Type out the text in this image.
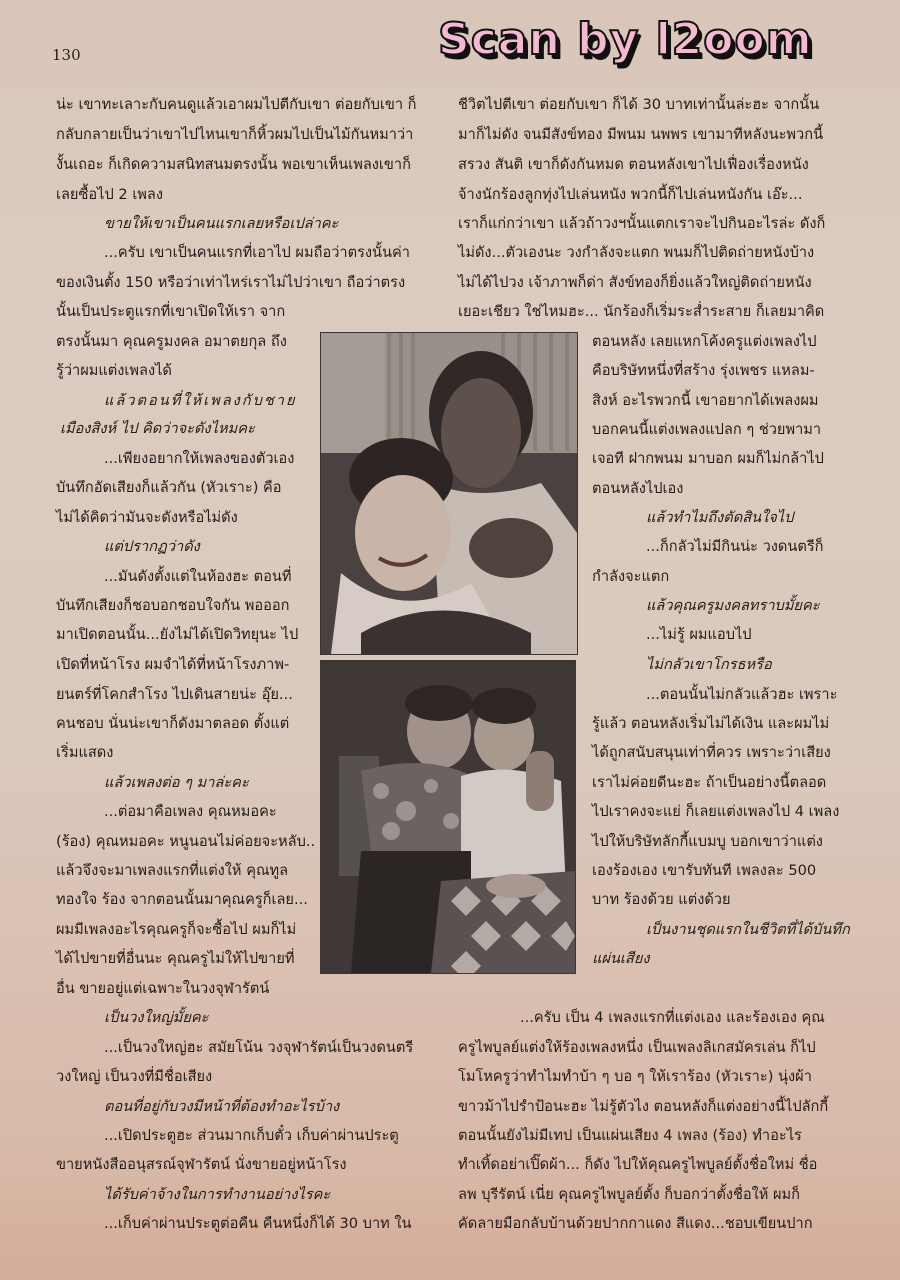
130	Scan by l2oom
น่ะ เขาทะเลาะกับคนดูแล้วเอาผมไปตีกับเขา ต่อยกับเขา ก็
กลับกลายเป็นว่าเขาไปไหนเขาก็หิ้วผมไปเป็นไม้กันหมาว่า
งั้นเถอะ ก็เกิดความสนิทสนมตรงนั้น พอเขาเห็นเพลงเขาก็
เลยซื้อไป 2 เพลง
ขายให้เขาเป็นคนแรกเลยหรือเปล่าคะ
...ครับ เขาเป็นคนแรกที่เอาไป ผมถือว่าตรงนั้นค่า
ของเงินตั้ง 150 หรือว่าเท่าไหร่เราไม่ไปว่าเขา ถือว่าตรง
นั้นเป็นประตูแรกที่เขาเปิดให้เรา จาก
ตรงนั้นมา คุณครูมงคล อมาตยกุล ถึง
รู้ว่าผมแต่งเพลงได้
แล้วตอนที่ให้เพลงกับชาย
เมืองสิงห์ ไป คิดว่าจะดังไหมคะ
...เพียงอยากให้เพลงของตัวเอง
บันทึกอัดเสียงก็แล้วกัน (หัวเราะ) คือ
ไม่ได้คิดว่ามันจะดังหรือไม่ดัง
แต่ปรากฏว่าดัง
...มันดังตั้งแต่ในห้องฮะ ตอนที่
บันทึกเสียงก็ชอบอกชอบใจกัน พอออก
มาเปิดตอนนั้น...ยังไม่ได้เปิดวิทยุนะ ไป
เปิดที่หน้าโรง ผมจำได้ที่หน้าโรงภาพ-
ยนตร์ที่โคกสำโรง ไปเดินสายน่ะ อุ๊ย...
คนชอบ นั่นน่ะเขาก็ดังมาตลอด ตั้งแต่
เริ่มแสดง
แล้วเพลงต่อ ๆ มาล่ะคะ
...ต่อมาคือเพลง คุณหมอคะ
(ร้อง) คุณหมอคะ หนูนอนไม่ค่อยจะหลับ..
แล้วจึงจะมาเพลงแรกที่แต่งให้ คุณทูล
ทองใจ ร้อง จากตอนนั้นมาคุณครูก็เลย...
ผมมีเพลงอะไรคุณครูก็จะซื้อไป ผมก็ไม่
ได้ไปขายที่อื่นนะ คุณครูไม่ให้ไปขายที่
อื่น ขายอยู่แต่เฉพาะในวงจุฬารัตน์
เป็นวงใหญ่มั้ยคะ
...เป็นวงใหญ่ฮะ สมัยโน้น วงจุฬารัตน์เป็นวงดนตรี
วงใหญ่ เป็นวงที่มีชื่อเสียง
ตอนที่อยู่กับวงมีหน้าที่ต้องทำอะไรบ้าง
...เปิดประตูฮะ ส่วนมากเก็บตั๋ว เก็บค่าผ่านประตู
ขายหนังสืออนุสรณ์จุฬารัตน์ นั่งขายอยู่หน้าโรง
ได้รับค่าจ้างในการทำงานอย่างไรคะ
...เก็บค่าผ่านประตูต่อคืน คืนหนึ่งก็ได้ 30 บาท ใน
ชีวิตไปตีเขา ต่อยกับเขา ก็ได้ 30 บาทเท่านั้นล่ะฮะ จากนั้น
มาก็ไม่ดัง จนมีสังข์ทอง มีพนม นพพร เขามาทีหลังนะพวกนี้
สรวง สันติ เขาก็ดังกันหมด ตอนหลังเขาไปเฟื่องเรื่องหนัง
จ้างนักร้องลูกทุ่งไปเล่นหนัง พวกนี้ก็ไปเล่นหนังกัน เอ๊ะ...
เราก็แก่กว่าเขา แล้วถ้าวงฯนั้นแตกเราจะไปกินอะไรล่ะ ดังก็
ไม่ดัง...ตัวเองนะ วงกำลังจะแตก พนมก็ไปติดถ่ายหนังบ้าง
ไม่ได้ไปวง เจ้าภาพก็ด่า สังข์ทองก็ยิ่งแล้วใหญ่ติดถ่ายหนัง
เยอะเชียว ใช่ไหมฮะ... นักร้องก็เริ่มระส่ำระสาย ก็เลยมาคิด
ตอนหลัง เลยแหกโค้งครูแต่งเพลงไป
คือบริษัทหนึ่งที่สร้าง รุ่งเพชร แหลม-
สิงห์ อะไรพวกนี้ เขาอยากได้เพลงผม
บอกคนนี้แต่งเพลงแปลก ๆ ช่วยพามา
เจอที ฝากพนม มาบอก ผมก็ไม่กล้าไป
ตอนหลังไปเอง
แล้วทำไมถึงตัดสินใจไป
...ก็กลัวไม่มีกินน่ะ วงดนตรีก็
กำลังจะแตก
แล้วคุณครูมงคลทราบมั้ยคะ
...ไม่รู้ ผมแอบไป
ไม่กลัวเขาโกรธหรือ
...ตอนนั้นไม่กลัวแล้วฮะ เพราะ
รู้แล้ว ตอนหลังเริ่มไม่ได้เงิน และผมไม่
ได้ถูกสนับสนุนเท่าที่ควร เพราะว่าเสียง
เราไม่ค่อยดีนะฮะ ถ้าเป็นอย่างนี้ตลอด
ไปเราคงจะแย่ ก็เลยแต่งเพลงไป 4 เพลง
ไปให้บริษัทลักกี้แบมบู บอกเขาว่าแต่ง
เองร้องเอง เขารับทันที เพลงละ 500
บาท ร้องด้วย แต่งด้วย
เป็นงานชุดแรกในชีวิตที่ได้บันทึก
แผ่นเสียง
...ครับ เป็น 4 เพลงแรกที่แต่งเอง และร้องเอง คุณ
ครูไพบูลย์แต่งให้ร้องเพลงหนึ่ง เป็นเพลงลิเกสมัครเล่น ก็ไป
โมโหครูว่าทำไมทำบ้า ๆ บอ ๆ ให้เราร้อง (หัวเราะ) นุ่งผ้า
ขาวม้าไปรำป้อนะฮะ ไม่รู้ตัวไง ตอนหลังก็แต่งอย่างนี้ไปลักกี้
ตอนนั้นยังไม่มีเทป เป็นแผ่นเสียง 4 เพลง (ร้อง) ทำอะไร
ทำเทิ้ดอย่าเปิ๊ดผ้า... ก็ดัง ไปให้คุณครูไพบูลย์ตั้งชื่อใหม่ ชื่อ
ลพ บุรีรัตน์ เนี่ย คุณครูไพบูลย์ตั้ง ก็บอกว่าตั้งชื่อให้ ผมก็
คัดลายมือกลับบ้านด้วยปากกาแดง สีแดง...ชอบเขียนปาก
